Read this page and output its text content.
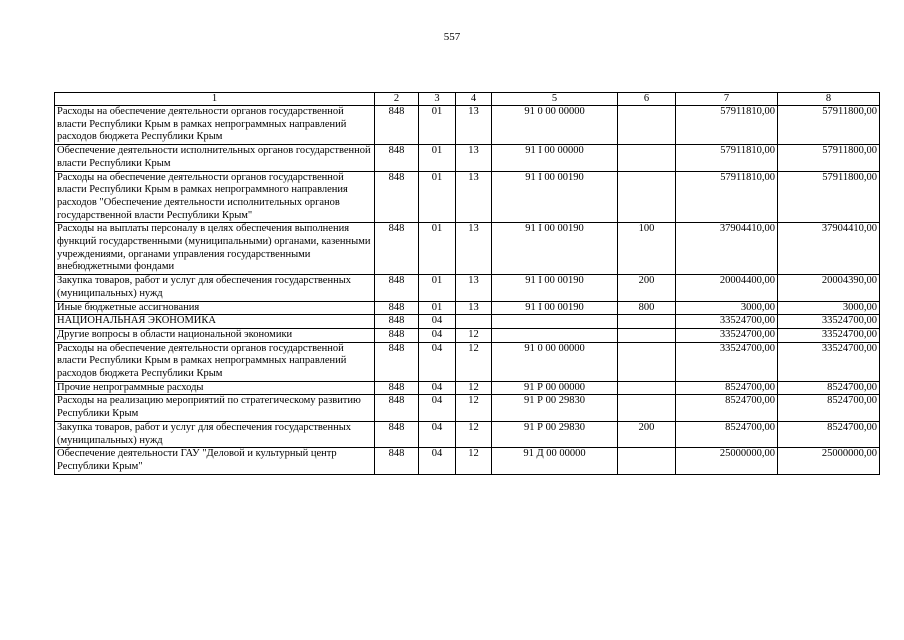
557
1	2	3	4	5	6	7	8
Расходы на обеспечение деятельности органов государственной власти Республики Крым в рамках непрограммных направлений расходов бюджета Республики Крым	848	01	13	91 0 00 00000		57911810,00	57911800,00
Обеспечение деятельности исполнительных органов государственной власти Республики Крым	848	01	13	91 I 00 00000		57911810,00	57911800,00
Расходы на обеспечение деятельности органов государственной власти Республики Крым в рамках непрограммного направления расходов "Обеспечение деятельности исполнительных органов государственной власти Республики Крым"	848	01	13	91 I 00 00190		57911810,00	57911800,00
Расходы на выплаты персоналу в целях обеспечения выполнения функций государственными (муниципальными) органами, казенными учреждениями, органами управления государственными внебюджетными фондами	848	01	13	91 I 00 00190	100	37904410,00	37904410,00
Закупка товаров, работ и услуг для обеспечения государственных (муниципальных) нужд	848	01	13	91 I 00 00190	200	20004400,00	20004390,00
Иные бюджетные ассигнования	848	01	13	91 I 00 00190	800	3000,00	3000,00
НАЦИОНАЛЬНАЯ ЭКОНОМИКА	848	04				33524700,00	33524700,00
Другие вопросы в области национальной экономики	848	04	12			33524700,00	33524700,00
Расходы на обеспечение деятельности органов государственной власти Республики Крым в рамках непрограммных направлений расходов бюджета Республики Крым	848	04	12	91 0 00 00000		33524700,00	33524700,00
Прочие непрограммные расходы	848	04	12	91 Р 00 00000		8524700,00	8524700,00
Расходы на реализацию мероприятий по стратегическому развитию Республики Крым	848	04	12	91 Р 00 29830		8524700,00	8524700,00
Закупка товаров, работ и услуг для обеспечения государственных (муниципальных) нужд	848	04	12	91 Р 00 29830	200	8524700,00	8524700,00
Обеспечение деятельности ГАУ "Деловой и культурный центр Республики Крым"	848	04	12	91 Д 00 00000		25000000,00	25000000,00
